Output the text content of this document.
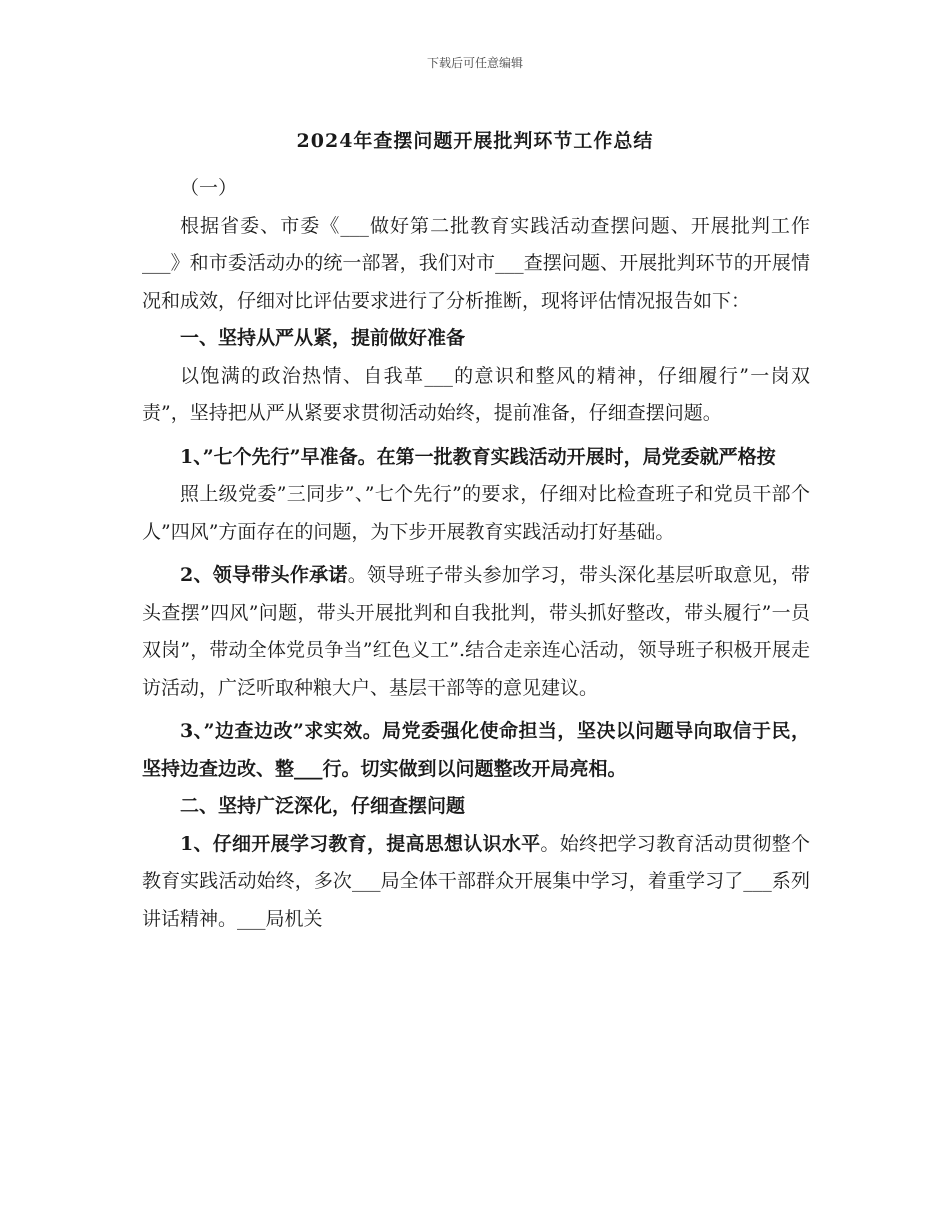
下载后可任意编辑
2024年查摆问题开展批判环节工作总结

（一）

根据省委、市委《___做好第二批教育实践活动查摆问题、开展批判工作___》和市委活动办的统一部署，我们对市___查摆问题、开展批判环节的开展情况和成效，仔细对比评估要求进行了分析推断，现将评估情况报告如下：

一、坚持从严从紧，提前做好准备

以饱满的政治热情、自我革___的意识和整风的精神，仔细履行”一岗双责”，坚持把从严从紧要求贯彻活动始终，提前准备，仔细查摆问题。

1、”七个先行”早准备。在第一批教育实践活动开展时，局党委就严格按

照上级党委”三同步”、”七个先行”的要求，仔细对比检查班子和党员干部个人”四风”方面存在的问题，为下步开展教育实践活动打好基础。

2、领导带头作承诺。领导班子带头参加学习，带头深化基层听取意见，带头查摆”四风”问题，带头开展批判和自我批判，带头抓好整改，带头履行”一员双岗”，带动全体党员争当”红色义工”.结合走亲连心活动，领导班子积极开展走访活动，广泛听取种粮大户、基层干部等的意见建议。

3、”边查边改”求实效。局党委强化使命担当，坚决以问题导向取信于民，坚持边查边改、整___行。切实做到以问题整改开局亮相。

二、坚持广泛深化，仔细查摆问题

1、仔细开展学习教育，提高思想认识水平。始终把学习教育活动贯彻整个教育实践活动始终，多次___局全体干部群众开展集中学习，着重学习了___系列讲话精神。___局机关
